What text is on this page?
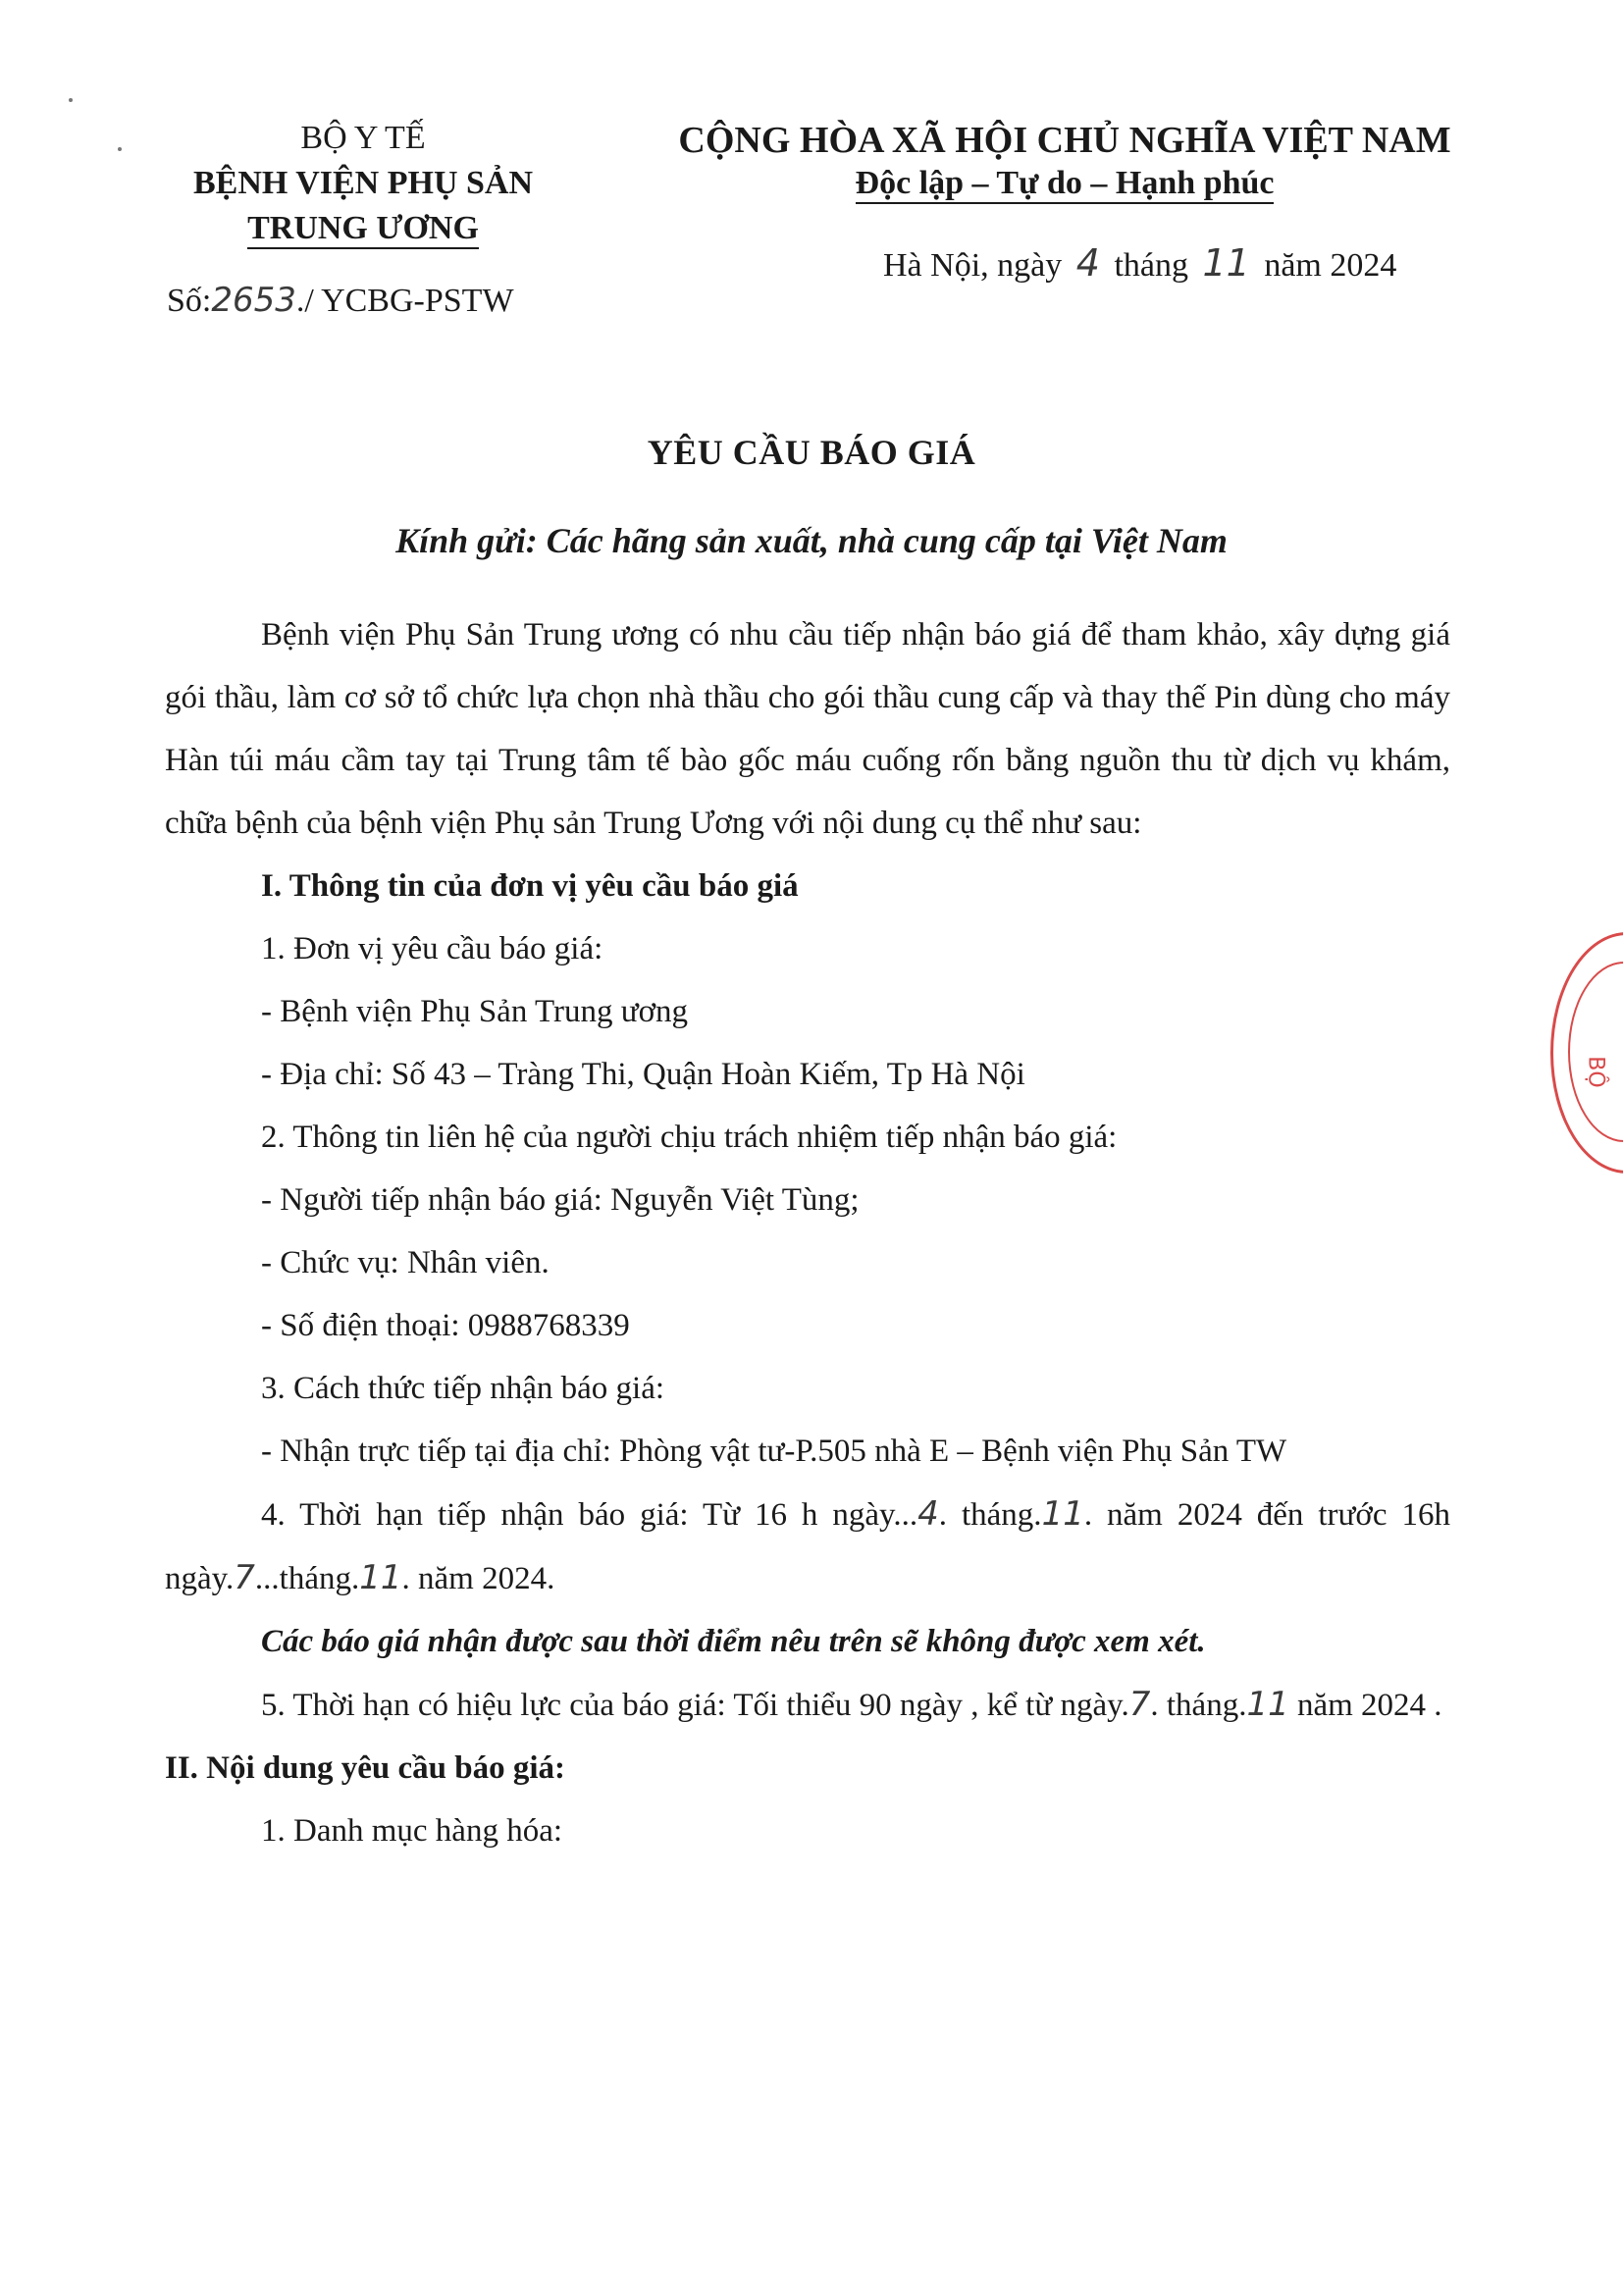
BỘ Y TẾ
BỆNH VIỆN PHỤ SẢN
TRUNG ƯƠNG
Số:2653./ YCBG-PSTW
CỘNG HÒA XÃ HỘI CHỦ NGHĨA VIỆT NAM
Độc lập – Tự do – Hạnh phúc
Hà Nội, ngày 4 tháng 11 năm 2024
YÊU CẦU BÁO GIÁ
Kính gửi: Các hãng sản xuất, nhà cung cấp tại Việt Nam

Bệnh viện Phụ Sản Trung ương có nhu cầu tiếp nhận báo giá để tham khảo, xây dựng giá gói thầu, làm cơ sở tổ chức lựa chọn nhà thầu cho gói thầu cung cấp và thay thế Pin dùng cho máy Hàn túi máu cầm tay tại Trung tâm tế bào gốc máu cuống rốn bằng nguồn thu từ dịch vụ khám, chữa bệnh của bệnh viện Phụ sản Trung Ương với nội dung cụ thể như sau:

I. Thông tin của đơn vị yêu cầu báo giá

1. Đơn vị yêu cầu báo giá:

- Bệnh viện Phụ Sản Trung ương

- Địa chỉ: Số 43 – Tràng Thi, Quận Hoàn Kiếm, Tp Hà Nội

2. Thông tin liên hệ của người chịu trách nhiệm tiếp nhận báo giá:

- Người tiếp nhận báo giá: Nguyễn Việt Tùng;

- Chức vụ: Nhân viên.

- Số điện thoại: 0988768339

3. Cách thức tiếp nhận báo giá:

- Nhận trực tiếp tại địa chỉ: Phòng vật tư-P.505 nhà E – Bệnh viện Phụ Sản TW

4. Thời hạn tiếp nhận báo giá: Từ 16 h ngày...4. tháng.11. năm 2024 đến trước 16h ngày.7...tháng.11. năm 2024.

Các báo giá nhận được sau thời điểm nêu trên sẽ không được xem xét.

5. Thời hạn có hiệu lực của báo giá: Tối thiểu 90 ngày , kể từ ngày.7. tháng.11 năm 2024 .

II. Nội dung yêu cầu báo giá:

1. Danh mục hàng hóa:

BỘ
